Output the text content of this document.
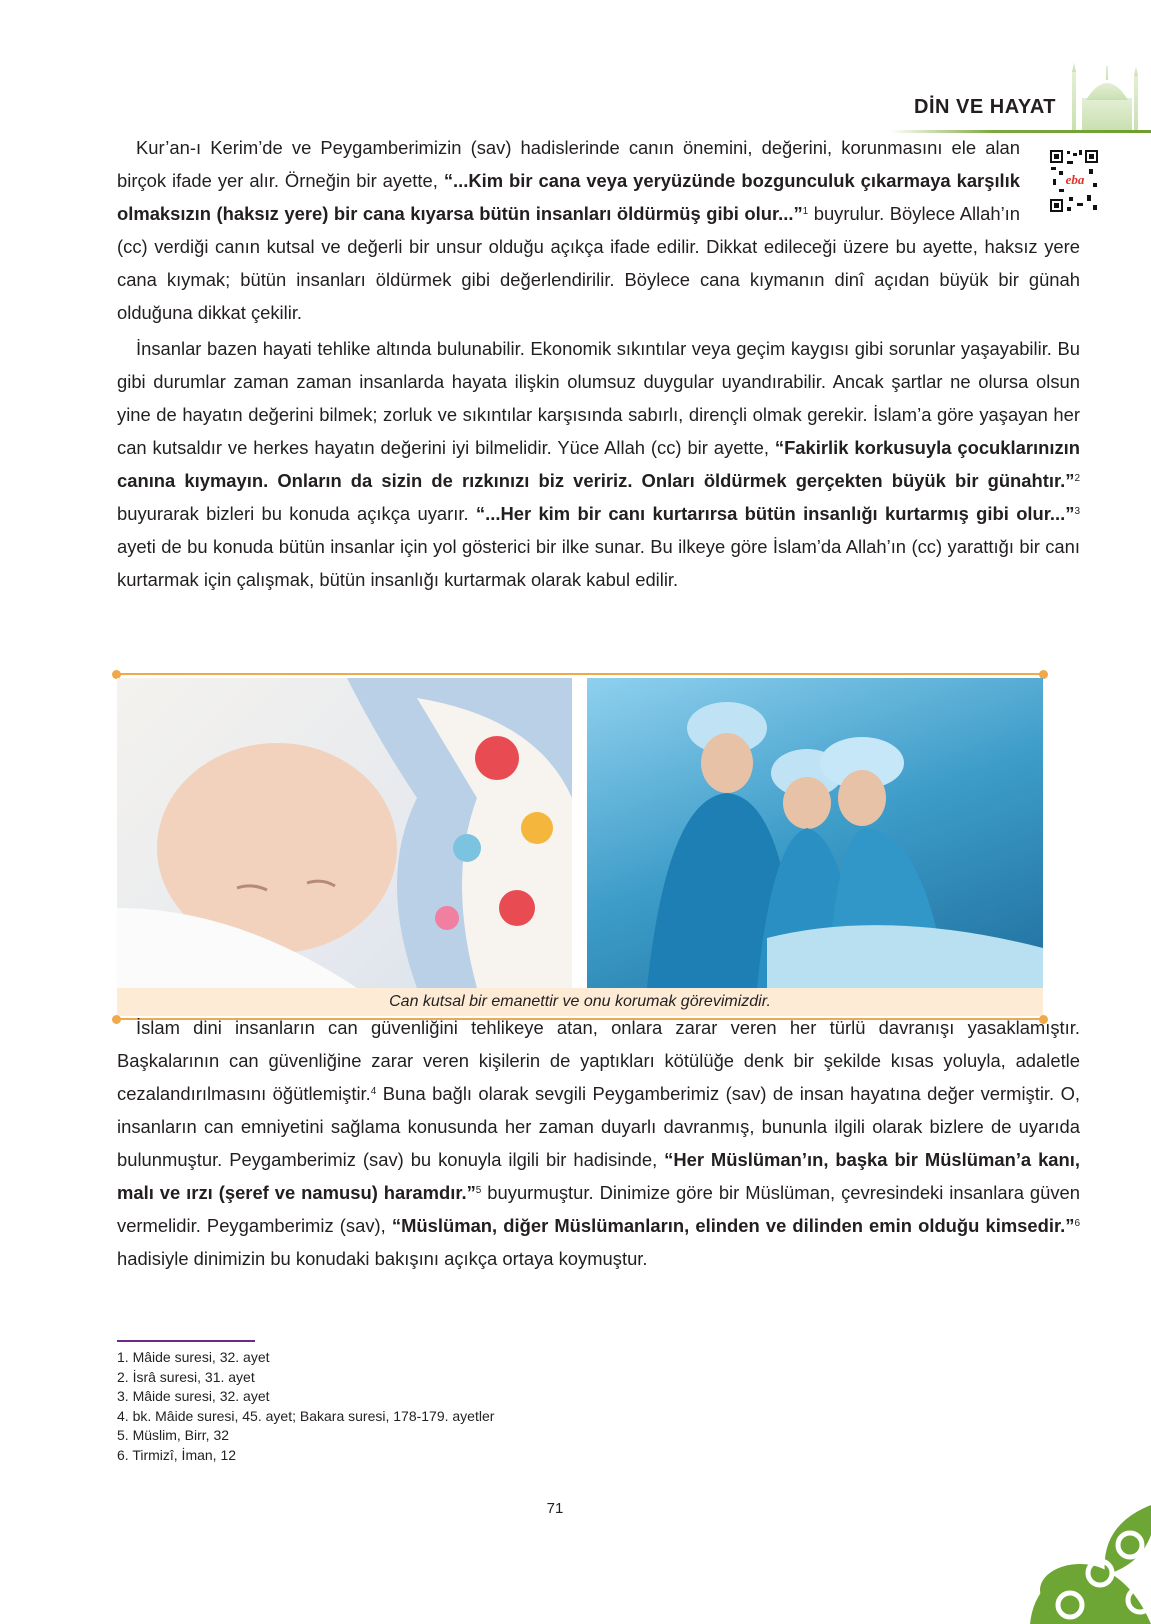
DİN VE HAYAT
eba
Kur’an-ı Kerim’de ve Peygamberimizin (sav) hadislerinde canın önemini, değerini, korunmasını ele alan birçok ifade yer alır. Örneğin bir ayette, “...Kim bir cana veya yeryüzünde bozgunculuk çıkarmaya karşılık olmaksızın (haksız yere) bir cana kıyarsa bütün insanları öldürmüş gibi olur...”$^1$ buyrulur. Böylece Allah’ın (cc) verdiği canın kutsal ve değerli bir unsur olduğu açıkça ifade edilir. Dikkat edileceği üzere bu ayette, haksız yere cana kıymak; bütün insanları öldürmek gibi değerlendirilir. Böylece cana kıymanın dinî açıdan büyük bir günah olduğuna dikkat çekilir.
İnsanlar bazen hayati tehlike altında bulunabilir. Ekonomik sıkıntılar veya geçim kaygısı gibi sorunlar yaşayabilir. Bu gibi durumlar zaman zaman insanlarda hayata ilişkin olumsuz duygular uyandırabilir. Ancak şartlar ne olursa olsun yine de hayatın değerini bilmek; zorluk ve sıkıntılar karşısında sabırlı, dirençli olmak gerekir. İslam’a göre yaşayan her can kutsaldır ve herkes hayatın değerini iyi bilmelidir. Yüce Allah (cc) bir ayette, “Fakirlik korkusuyla çocuklarınızın canına kıymayın. Onların da sizin de rızkınızı biz veririz. Onları öldürmek gerçekten büyük bir günahtır.”$^2$ buyurarak bizleri bu konuda açıkça uyarır. “...Her kim bir canı kurtarırsa bütün insanlığı kurtarmış gibi olur...”$^3$ ayeti de bu konuda bütün insanlar için yol gösterici bir ilke sunar. Bu ilkeye göre İslam’da Allah’ın (cc) yarattığı bir canı kurtarmak için çalışmak, bütün insanlığı kurtarmak olarak kabul edilir.
Can kutsal bir emanettir ve onu korumak görevimizdir.
İslam dini insanların can güvenliğini tehlikeye atan, onlara zarar veren her türlü davranışı yasaklamıştır. Başkalarının can güvenliğine zarar veren kişilerin de yaptıkları kötülüğe denk bir şekilde kısas yoluyla, adaletle cezalandırılmasını öğütlemiştir.$^4$ Buna bağlı olarak sevgili Peygamberimiz (sav) de insan hayatına değer vermiştir. O, insanların can emniyetini sağlama konusunda her zaman duyarlı davranmış, bununla ilgili olarak bizlere de uyarıda bulunmuştur. Peygamberimiz (sav) bu konuyla ilgili bir hadisinde, “Her Müslüman’ın, başka bir Müslüman’a kanı, malı ve ırzı (şeref ve namusu) haramdır.”$^5$ buyurmuştur. Dinimize göre bir Müslüman, çevresindeki insanlara güven vermelidir. Peygamberimiz (sav), “Müslüman, diğer Müslümanların, elinden ve dilinden emin olduğu kimsedir.”$^6$ hadisiyle dinimizin bu konudaki bakışını açıkça ortaya koymuştur.
1. Mâide suresi, 32. ayet
2. İsrâ suresi, 31. ayet
3. Mâide suresi, 32. ayet
4. bk. Mâide suresi, 45. ayet; Bakara suresi, 178-179. ayetler
5. Müslim, Birr, 32
6. Tirmizî, İman, 12
71
